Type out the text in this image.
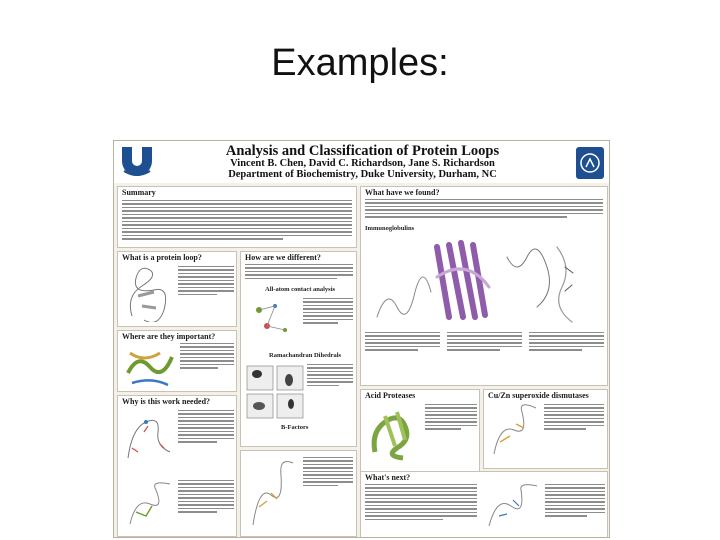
Examples:
Analysis and Classification of Protein Loops
Vincent B. Chen, David C. Richardson, Jane S. Richardson
Department of Biochemistry, Duke University, Durham, NC
Summary	What have we found?
Immunoglobulins
What is a protein loop?	How are we different?
All-atom contact analysis
Ramachandran Dihedrals
B-Factors
Where are they important?
Why is this work needed?
Acid Proteases	Cu/Zn superoxide dismutases
What's next?
